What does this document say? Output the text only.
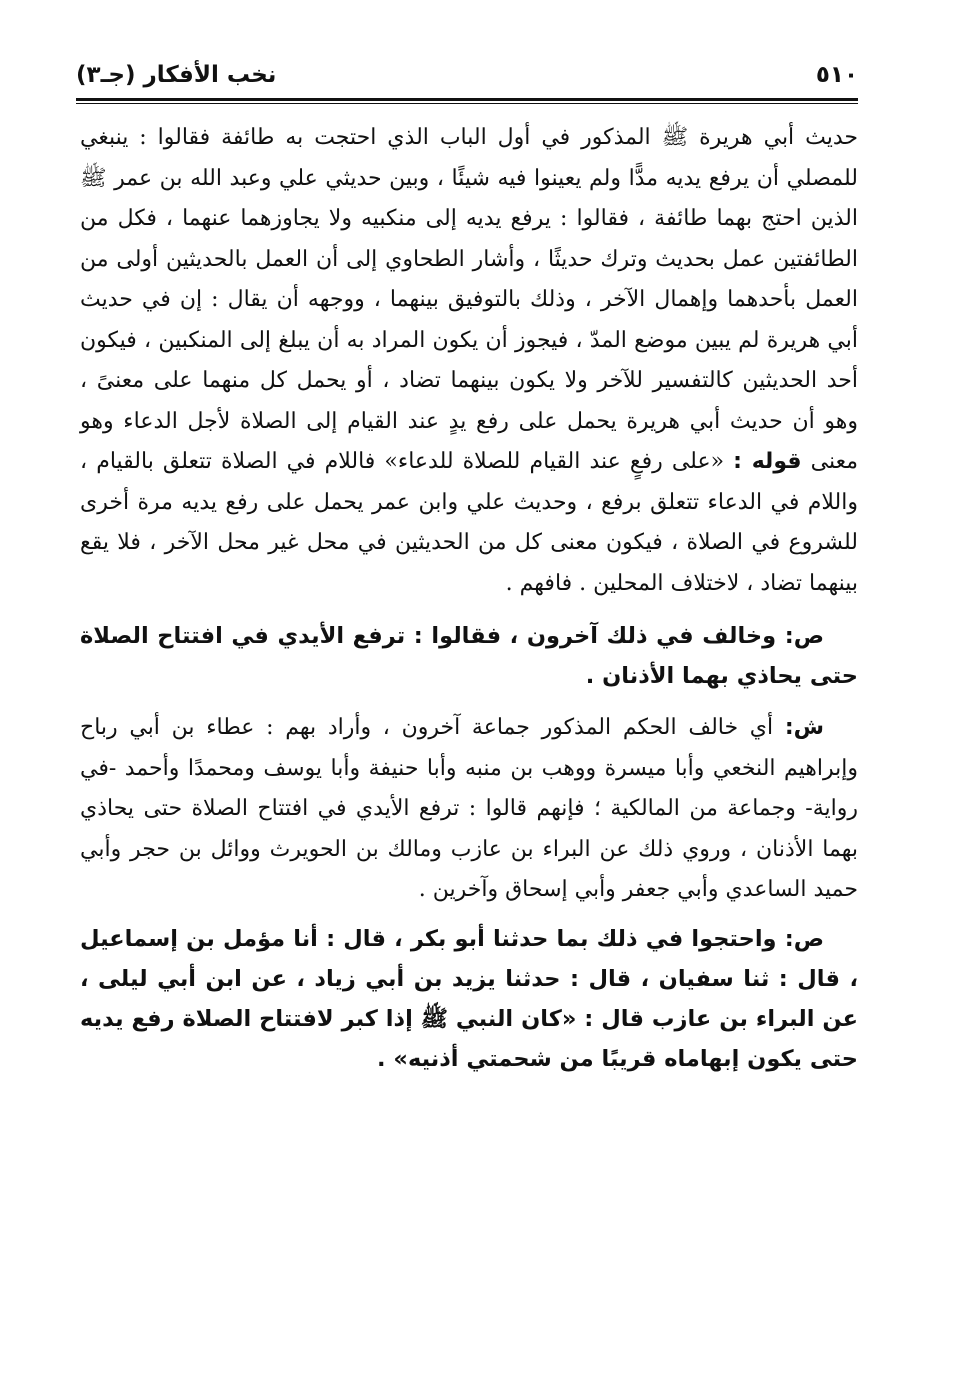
نخب الأفكار (جـ٣)	٥١٠

حديث أبي هريرة ﷺ المذكور في أول الباب الذي احتجت به طائفة فقالوا : ينبغي للمصلي أن يرفع يديه مدًّا ولم يعينوا فيه شيئًا ، وبين حديثي علي وعبد الله بن عمر ﷺ الذين احتج بهما طائفة ، فقالوا : يرفع يديه إلى منكبيه ولا يجاوزهما عنهما ، فكل من الطائفتين عمل بحديث وترك حديثًا ، وأشار الطحاوي إلى أن العمل بالحديثين أولى من العمل بأحدهما وإهمال الآخر ، وذلك بالتوفيق بينهما ، ووجهه أن يقال : إن في حديث أبي هريرة لم يبين موضع المدّ ، فيجوز أن يكون المراد به أن يبلغ إلى المنكبين ، فيكون أحد الحديثين كالتفسير للآخر ولا يكون بينهما تضاد ، أو يحمل كل منهما على معنىً ، وهو أن حديث أبي هريرة يحمل على رفع يدٍ عند القيام إلى الصلاة لأجل الدعاء وهو معنى قوله : «على رفعٍ عند القيام للصلاة للدعاء» فاللام في الصلاة تتعلق بالقيام ، واللام في الدعاء تتعلق برفع ، وحديث علي وابن عمر يحمل على رفع يديه مرة أخرى للشروع في الصلاة ، فيكون معنى كل من الحديثين في محل غير محل الآخر ، فلا يقع بينهما تضاد ، لاختلاف المحلين . فافهم .

ص: وخالف في ذلك آخرون ، فقالوا : ترفع الأيدي في افتتاح الصلاة حتى يحاذي بهما الأذنان .

ش: أي خالف الحكم المذكور جماعة آخرون ، وأراد بهم : عطاء بن أبي رباح وإبراهيم النخعي وأبا ميسرة ووهب بن منبه وأبا حنيفة وأبا يوسف ومحمدًا وأحمد -في رواية- وجماعة من المالكية ؛ فإنهم قالوا : ترفع الأيدي في افتتاح الصلاة حتى يحاذي بهما الأذنان ، وروي ذلك عن البراء بن عازب ومالك بن الحويرث ووائل بن حجر وأبي حميد الساعدي وأبي جعفر وأبي إسحاق وآخرين .

ص: واحتجوا في ذلك بما حدثنا أبو بكر ، قال : أنا مؤمل بن إسماعيل ، قال : ثنا سفيان ، قال : حدثنا يزيد بن أبي زياد ، عن ابن أبي ليلى ، عن البراء بن عازب قال : «كان النبي ﷺ إذا كبر لافتتاح الصلاة رفع يديه حتى يكون إبهاماه قريبًا من شحمتي أذنيه» .
